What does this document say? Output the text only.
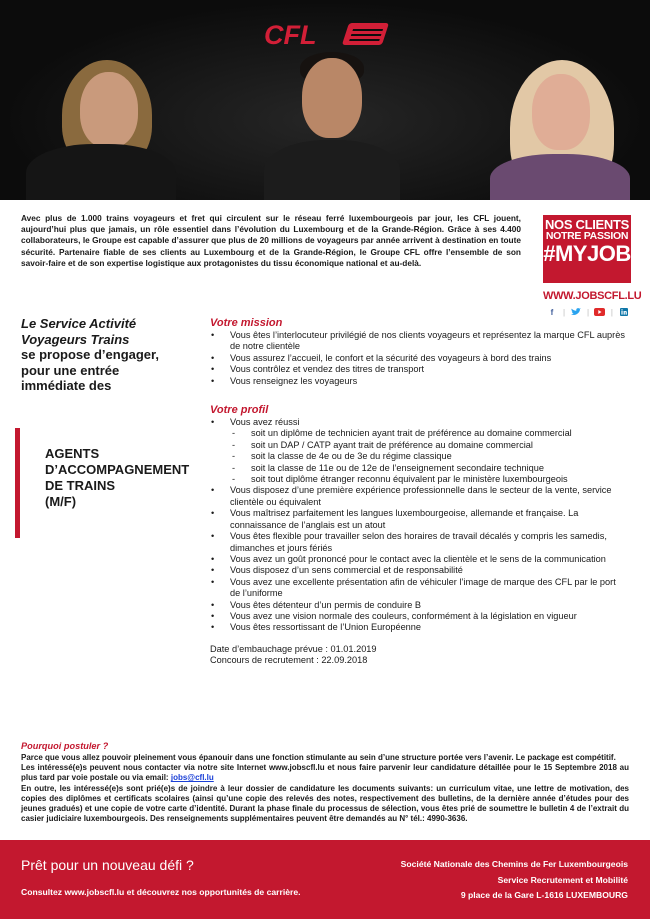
CFL

Avec plus de 1.000 trains voyageurs et fret qui circulent sur le réseau ferré luxembourgeois par jour, les CFL jouent, aujourd’hui plus que jamais, un rôle essentiel dans l’évolution du Luxembourg et de la Grande-Région. Grâce à ses 4.400 collaborateurs, le Groupe est capable d’assurer que plus de 20 millions de voyageurs par année arrivent à destination en toute sécurité. Partenaire fiable de ses clients au Luxembourg et de la Grande-Région, le Groupe CFL offre l’ensemble de son savoir-faire et de son expertise logistique aux protagonistes du tissu économique national et au-delà.

NOS CLIENTS
NOTRE PASSION
#MYJOB
WWW.JOBSCFL.LU
f	|	|	|
Le Service Activité
Voyageurs Trains
se propose d’engager,
pour une entrée
immédiate des
AGENTS
D’ACCOMPAGNEMENT
DE TRAINS
(M/F)
Votre mission
• Vous êtes l’interlocuteur privilégié de nos clients voyageurs et représentez la marque CFL auprès de notre clientèle
• Vous assurez l’accueil, le confort et la sécurité des voyageurs à bord des trains
• Vous contrôlez et vendez des titres de transport
• Vous renseignez les voyageurs
Votre profil
• Vous avez réussi
- soit un diplôme de technicien ayant trait de préférence au domaine commercial
- soit un DAP / CATP ayant trait de préférence au domaine commercial
- soit la classe de 4e ou de 3e du régime classique
- soit la classe de 11e ou de 12e de l’enseignement secondaire technique
- soit tout diplôme étranger reconnu équivalent par le ministère luxembourgeois
• Vous disposez d’une première expérience professionnelle dans le secteur de la vente, service clientèle ou équivalent
• Vous maîtrisez parfaitement les langues luxembourgeoise, allemande et française. La connaissance de l’anglais est un atout
• Vous êtes flexible pour travailler selon des horaires de travail décalés y compris les samedis, dimanches et jours fériés
• Vous avez un goût prononcé pour le contact avec la clientèle et le sens de la communication
• Vous disposez d’un sens commercial et de responsabilité
• Vous avez une excellente présentation afin de véhiculer l’image de marque des CFL par le port de l’uniforme
• Vous êtes détenteur d’un permis de conduire B
• Vous avez une vision normale des couleurs, conformément à la législation en vigueur
• Vous êtes ressortissant de l’Union Européenne
Date d’embauchage prévue : 01.01.2019
Concours de recrutement : 22.09.2018
Pourquoi postuler ?
Parce que vous allez pouvoir pleinement vous épanouir dans une fonction stimulante au sein d’une structure portée vers l’avenir. Le package est compétitif.
Les intéressé(e)s peuvent nous contacter via notre site Internet www.jobscfl.lu et nous faire parvenir leur candidature détaillée pour le 15 Septembre 2018 au plus tard par voie postale ou via email: jobs@cfl.lu
En outre, les intéressé(e)s sont prié(e)s de joindre à leur dossier de candidature les documents suivants: un curriculum vitae, une lettre de motivation, des copies des diplômes et certificats scolaires (ainsi qu’une copie des relevés des notes, respectivement des bulletins, de la dernière année d’études pour des jeunes gradués) et une copie de votre carte d’identité. Durant la phase finale du processus de sélection, vous êtes prié de soumettre le bulletin 4 de l’extrait du casier judiciaire luxembourgeois. Des renseignements supplémentaires peuvent être demandés au N° tél.: 4990-3636.
Prêt pour un nouveau défi ?
Consultez www.jobscfl.lu et découvrez nos opportunités de carrière.
Société Nationale des Chemins de Fer Luxembourgeois
Service Recrutement et Mobilité
9 place de la Gare L-1616 LUXEMBOURG
